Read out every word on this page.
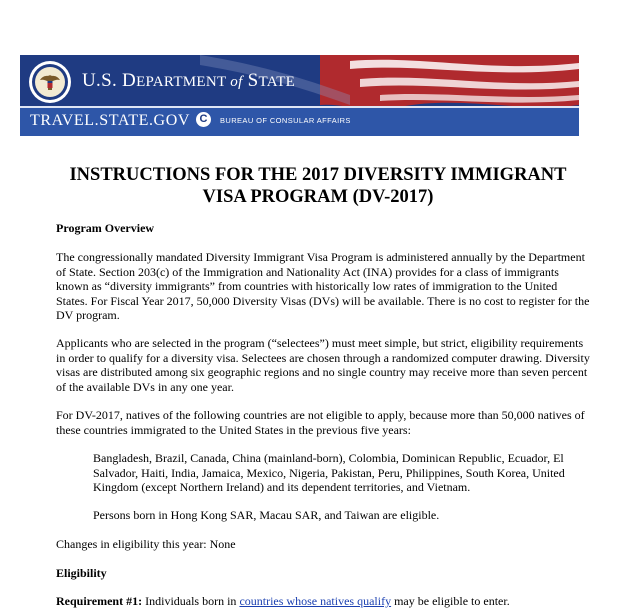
U.S. DEPARTMENT of STATE
TRAVEL.STATE.GOV C	BUREAU OF CONSULAR AFFAIRS
INSTRUCTIONS FOR THE 2017 DIVERSITY IMMIGRANT
VISA PROGRAM (DV-2017)

Program Overview

The congressionally mandated Diversity Immigrant Visa Program is administered annually by the Department of State. Section 203(c) of the Immigration and Nationality Act (INA) provides for a class of immigrants known as “diversity immigrants” from countries with historically low rates of immigration to the United States. For Fiscal Year 2017, 50,000 Diversity Visas (DVs) will be available. There is no cost to register for the DV program.

Applicants who are selected in the program (“selectees”) must meet simple, but strict, eligibility requirements in order to qualify for a diversity visa. Selectees are chosen through a randomized computer drawing. Diversity visas are distributed among six geographic regions and no single country may receive more than seven percent of the available DVs in any one year.

For DV-2017, natives of the following countries are not eligible to apply, because more than 50,000 natives of these countries immigrated to the United States in the previous five years:

Bangladesh, Brazil, Canada, China (mainland-born), Colombia, Dominican Republic, Ecuador, El Salvador, Haiti, India, Jamaica, Mexico, Nigeria, Pakistan, Peru, Philippines, South Korea, United Kingdom (except Northern Ireland) and its dependent territories, and Vietnam.

Persons born in Hong Kong SAR, Macau SAR, and Taiwan are eligible.

Changes in eligibility this year: None

Eligibility

Requirement #1: Individuals born in countries whose natives qualify may be eligible to enter.
